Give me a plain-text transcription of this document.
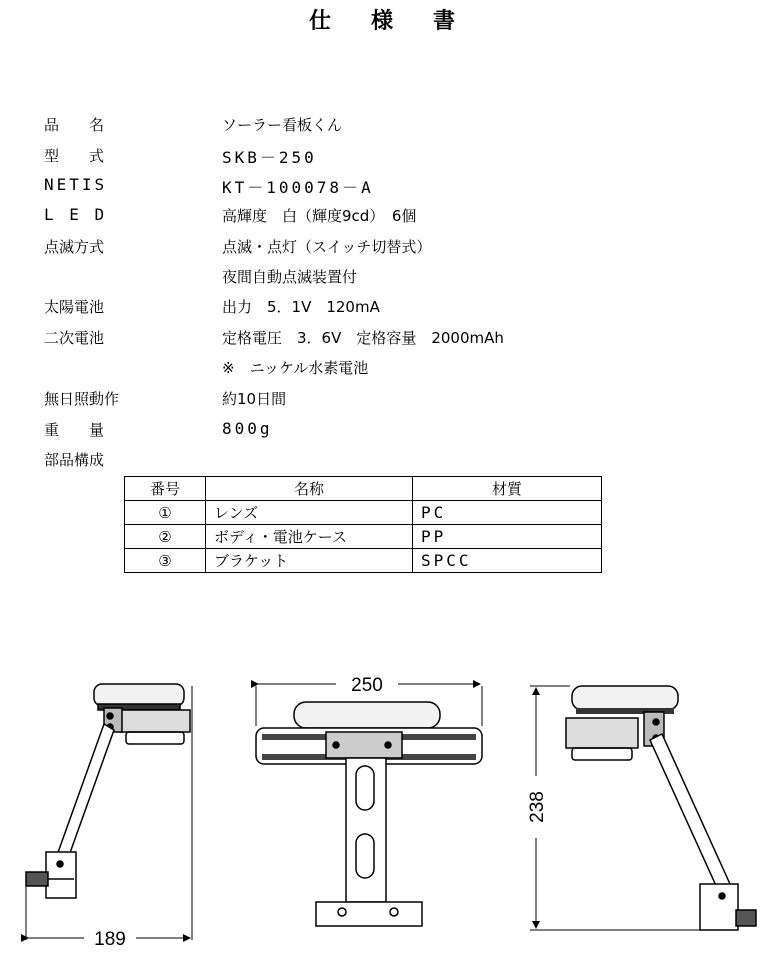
仕 様 書
品　　名	ソーラー看板くん
型　　式	SKB－250
NETIS	KT－100078－A
L E D	高輝度　白（輝度9cd）　6個
点滅方式	点滅・点灯（スイッチ切替式）
夜間自動点滅装置付
太陽電池	出力　5．1V　120mA
二次電池	定格電圧　3．6V　定格容量　2000mAh
※　ニッケル水素電池
無日照動作	約10日間
重　　量	800g
部品構成
番号	名称	材質
①	レンズ	PC
②	ボディ・電池ケース	PP
③	ブラケット	SPCC
189
250
238
